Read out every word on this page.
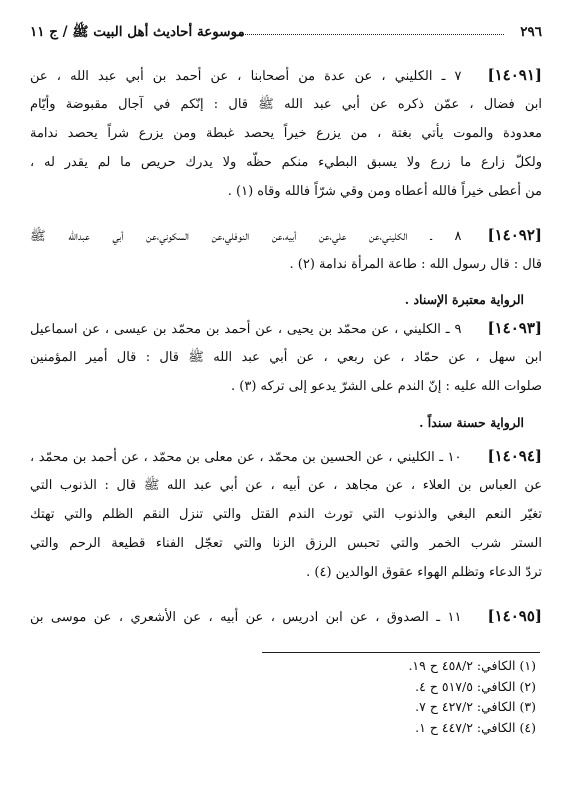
٢٩٦
موسوعة أحاديث أهل البيت ﷺ / ج ١١
[١٤٠٩١]٧ ـ الكليني ، عن عدة من أصحابنا ، عن أحمد بن أبي عبد الله ، عن
ابن فضال ، عمّن ذكره عن أبي عبد الله ﷺ قال : إنّكم في آجال مقبوضة وأيّام
معدودة والموت يأتي بغتة ، من يزرع خيراً يحصد غبطة ومن يزرع شراً يحصد ندامة
ولكلّ زارع ما زرع ولا يسبق البطيء منكم حظّه ولا يدرك حريص ما لم يقدر له ،
من أعطى خيراً فالله أعطاه ومن وقي شرّاً فالله وقاه (١) .
[١٤٠٩٢]٨ ـ الكليني،عن علي،عن أبيه،عن النوفلي،عن السكوني،عن أبي عبدالله ﷺ
قال : قال رسول الله : طاعة المرأة ندامة (٢) .
الرواية معتبرة الإسناد .
[١٤٠٩٣]٩ ـ الكليني ، عن محمّد بن يحيى ، عن أحمد بن محمّد بن عيسى ، عن اسماعيل
ابن سهل ، عن حمّاد ، عن ربعي ، عن أبي عبد الله ﷺ قال : قال أمير المؤمنين
صلوات الله عليه : إنّ الندم على الشرّ يدعو إلى تركه (٣) .
الرواية حسنة سنداً .
[١٤٠٩٤]١٠ ـ الكليني ، عن الحسين بن محمّد ، عن معلى بن محمّد ، عن أحمد بن محمّد ،
عن العباس بن العلاء ، عن مجاهد ، عن أبيه ، عن أبي عبد الله ﷺ قال : الذنوب التي
تغيّر النعم البغي والذنوب التي تورث الندم القتل والتي تنزل النقم الظلم والتي تهتك
الستر شرب الخمر والتي تحبس الرزق الزنا والتي تعجّل الفناء قطيعة الرحم والتي
تردّ الدعاء وتظلم الهواء عقوق الوالدين (٤) .
[١٤٠٩٥]١١ ـ الصدوق ، عن ابن ادريس ، عن أبيه ، عن الأشعري ، عن موسى بن
(١) الكافي: ٤٥٨/٢ ح ١٩.
(٢) الكافي: ٥١٧/٥ ح ٤.
(٣) الكافي: ٤٢٧/٢ ح ٧.
(٤) الكافي: ٤٤٧/٢ ح ١.
